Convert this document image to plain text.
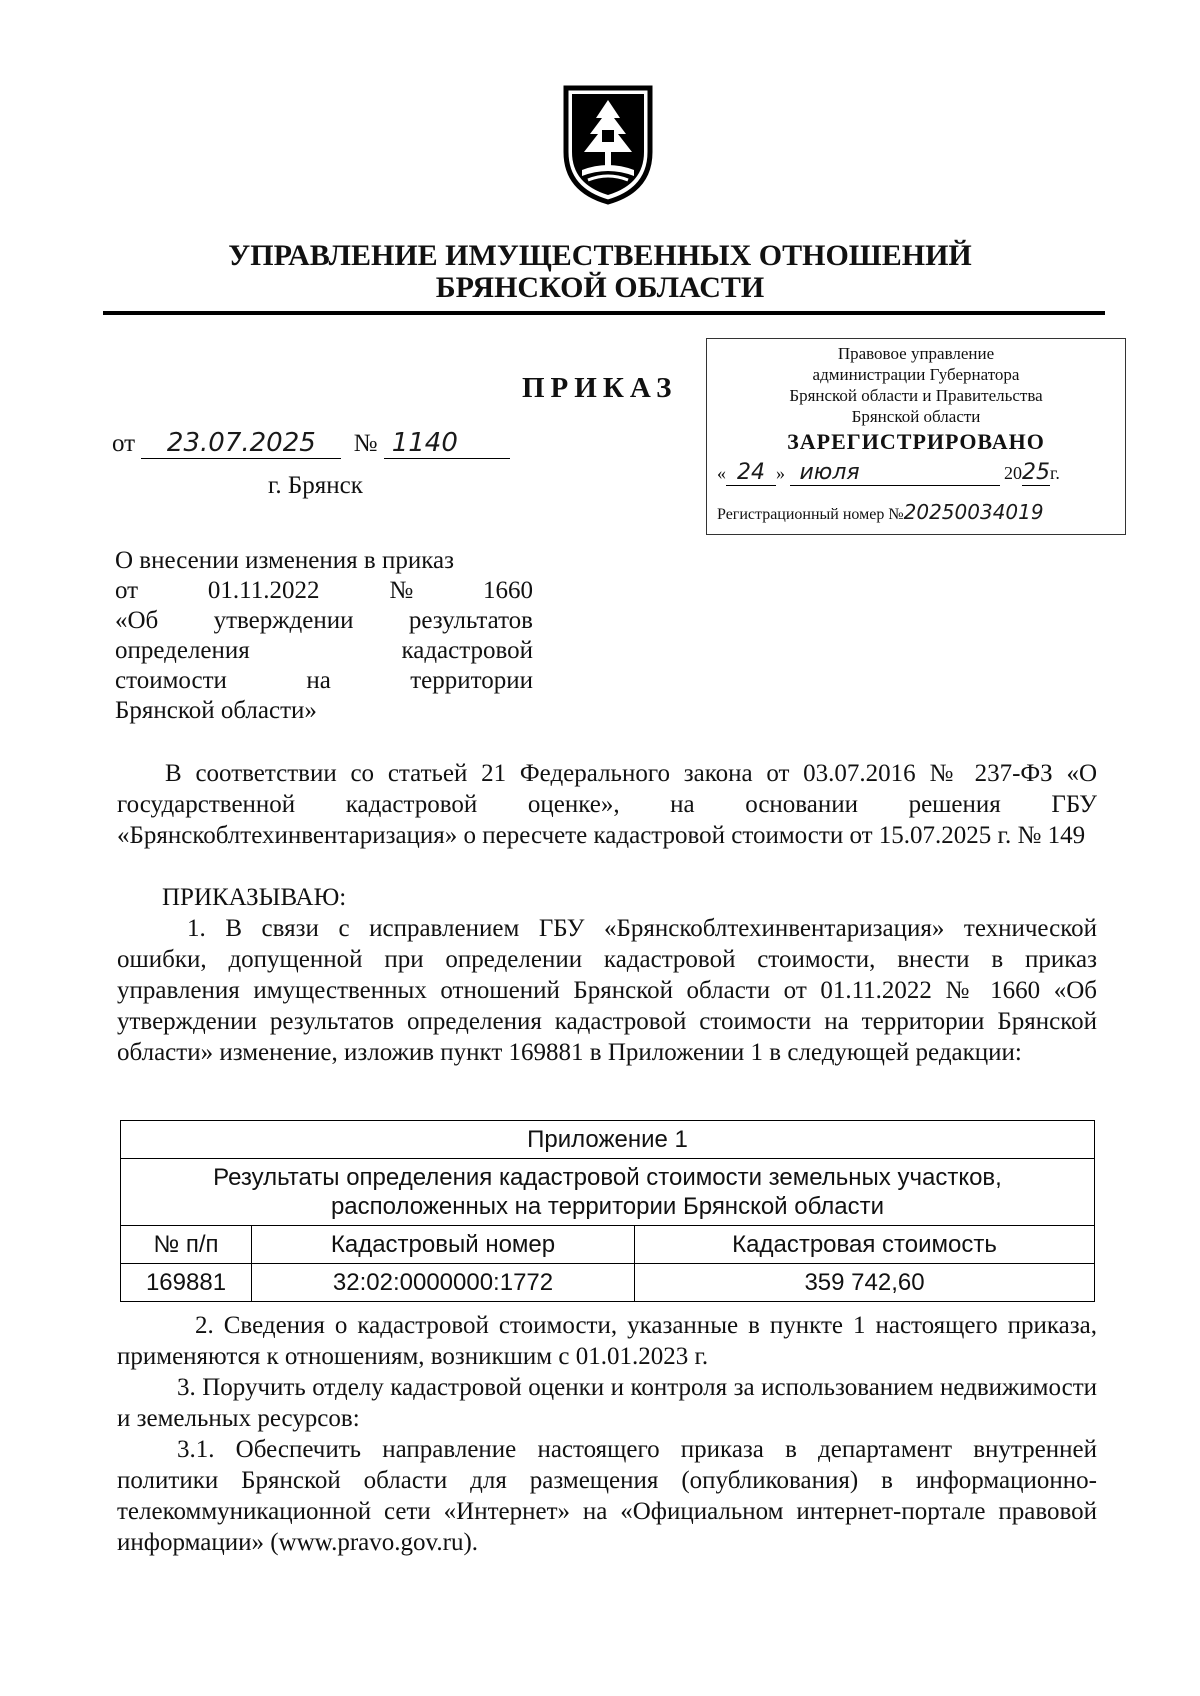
УПРАВЛЕНИЕ ИМУЩЕСТВЕННЫХ ОТНОШЕНИЙ
БРЯНСКОЙ ОБЛАСТИ
ПРИКАЗ
от 23.07.2025 № 1140
г. Брянск
Правовое управление
администрации Губернатора
Брянской области и Правительства
Брянской области
ЗАРЕГИСТРИРОВАНО
« 24 » июля	2025г.
Регистрационный номер №20250034019
О внесении изменения в приказ
от	01.11.2022	№	1660
«Об утверждении результатов
определения	кадастровой
стоимости	на	территории
Брянской области»
В соответствии со статьей 21 Федерального закона от 03.07.2016 № 237-ФЗ «О государственной кадастровой оценке», на основании решения ГБУ «Брянскоблтехинвентаризация» о пересчете кадастровой стоимости от 15.07.2025 г. № 149
ПРИКАЗЫВАЮ:
1. В связи с исправлением ГБУ «Брянскоблтехинвентаризация» технической ошибки, допущенной при определении кадастровой стоимости, внести в приказ управления имущественных отношений Брянской области от 01.11.2022 № 1660 «Об утверждении результатов определения кадастровой стоимости на территории Брянской области» изменение, изложив пункт 169881 в Приложении 1 в следующей редакции:
Приложение 1		

Результаты определения кадастровой стоимости земельных участков,
расположенных на территории Брянской области		

№ п/п	Кадастровый номер	Кадастровая стоимость
169881	32:02:0000000:1772	359 742,60
2. Сведения о кадастровой стоимости, указанные в пункте 1 настоящего приказа, применяются к отношениям, возникшим с 01.01.2023 г.
3. Поручить отделу кадастровой оценки и контроля за использованием недвижимости и земельных ресурсов:
3.1. Обеспечить направление настоящего приказа в департамент внутренней политики Брянской области для размещения (опубликования) в информационно-телекоммуникационной сети «Интернет» на «Официальном интернет-портале правовой информации» (www.pravo.gov.ru).
